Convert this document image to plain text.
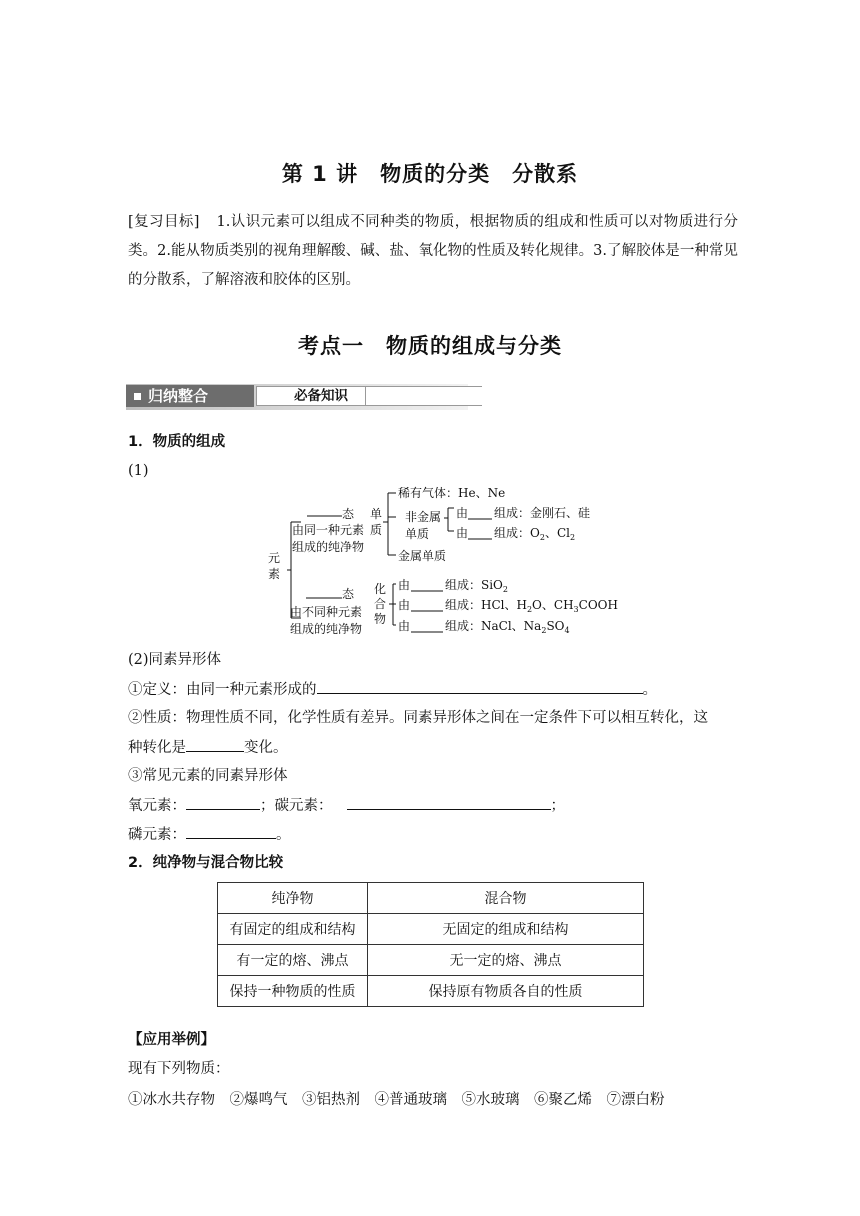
第 1 讲　物质的分类　分散系
[复习目标] 1.认识元素可以组成不同种类的物质，根据物质的组成和性质可以对物质进行分类。2.能从物质类别的视角理解酸、碱、盐、氧化物的性质及转化规律。3.了解胶体是一种常见的分散系，了解溶液和胶体的区别。
考点一　物质的组成与分类
归纳整合	必备知识
1．物质的组成
(1)
元
素
态
由同一种元素
组成的纯净物
单
质
态
由不同种元素
组成的纯净物
化
合
物
稀有气体：He、Ne
非金属
单质
由 组成：金刚石、硅
由 组成：$O_2$、$Cl_2$
金属单质
由	组成：SiO$_2$
由	组成：HCl、$H_2O$、$CH_3COOH$
由	组成：NaCl、$Na_2SO_4$
(2)同素异形体
①定义：由同一种元素形成的	。
②性质：物理性质不同，化学性质有差异。同素异形体之间在一定条件下可以相互转化，这
种转化是	变化。
③常见元素的同素异形体
氧元素：	；碳元素：	；
磷元素：	。
2．纯净物与混合物比较
纯净物	混合物
有固定的组成和结构	无固定的组成和结构
有一定的熔、沸点	无一定的熔、沸点
保持一种物质的性质	保持原有物质各自的性质
【应用举例】
现有下列物质：
①冰水共存物　②爆鸣气　③铝热剂　④普通玻璃　⑤水玻璃　⑥聚乙烯　⑦漂白粉
